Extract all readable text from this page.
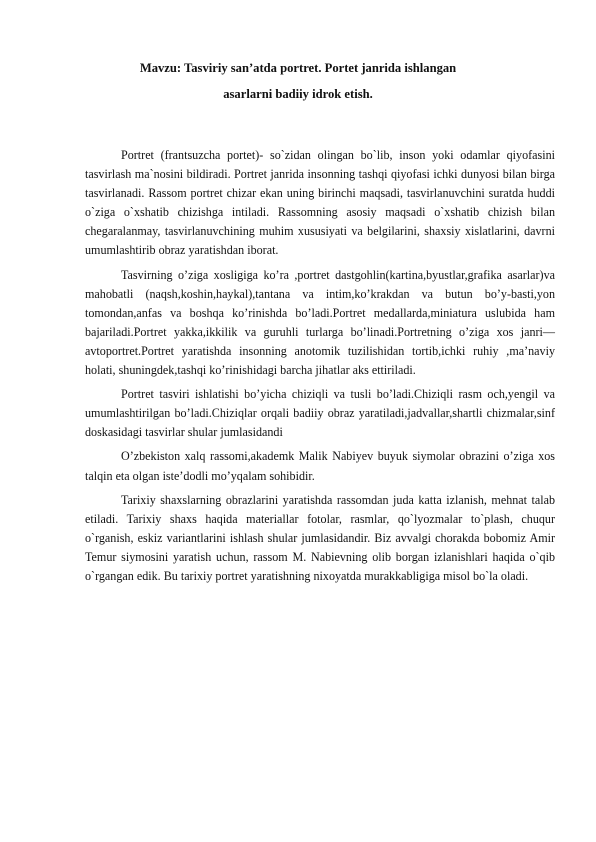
Mavzu: Tasviriy san’atda portret. Portet janrida ishlangan

asarlarni badiiy idrok etish.

Portret (frantsuzcha portet)- so`zidan olingan bo`lib, inson yoki odamlar qiyofasini tasvirlash ma`nosini bildiradi. Portret janrida insonning tashqi qiyofasi ichki dunyosi bilan birga tasvirlanadi. Rassom portret chizar ekan uning birinchi maqsadi, tasvirlanuvchini suratda huddi o`ziga o`xshatib chizishga intiladi. Rassomning asosiy maqsadi o`xshatib chizish bilan chegaralanmay, tasvirlanuvchining muhim xususiyati va belgilarini, shaxsiy xislatlarini, davrni umumlashtirib obraz yaratishdan iborat.

Tasvirning o’ziga xosligiga ko’ra ,portret dastgohlin(kartina,byustlar,grafika asarlar)va mahobatli (naqsh,koshin,haykal),tantana va intim,ko’krakdan va butun bo’y-basti,yon tomondan,anfas va boshqa ko’rinishda bo’ladi.Portret medallarda,miniatura uslubida ham bajariladi.Portret yakka,ikkilik va guruhli turlarga bo’linadi.Portretning o’ziga xos janri—avtoportret.Portret yaratishda insonning anotomik tuzilishidan tortib,ichki ruhiy ,ma’naviy holati, shuningdek,tashqi ko’rinishidagi barcha jihatlar aks ettiriladi.

Portret tasviri ishlatishi bo’yicha chiziqli va tusli bo’ladi.Chiziqli rasm och,yengil va umumlashtirilgan bo’ladi.Chiziqlar orqali badiiy obraz yaratiladi,jadvallar,shartli chizmalar,sinf doskasidagi tasvirlar shular jumlasidandi

O’zbekiston xalq rassomi,akademk Malik Nabiyev buyuk siymolar obrazini o’ziga xos talqin eta olgan iste’dodli mo’yqalam sohibidir.

Tarixiy shaxslarning obrazlarini yaratishda rassomdan juda katta izlanish, mehnat talab etiladi. Tarixiy shaxs haqida materiallar fotolar, rasmlar, qo`lyozmalar to`plash, chuqur o`rganish, eskiz variantlarini ishlash shular jumlasidandir. Biz avvalgi chorakda bobomiz Amir Temur siymosini yaratish uchun, rassom M. Nabievning olib borgan izlanishlari haqida o`qib o`rgangan edik. Bu tarixiy portret yaratishning nixoyatda murakkabligiga misol bo`la oladi.
